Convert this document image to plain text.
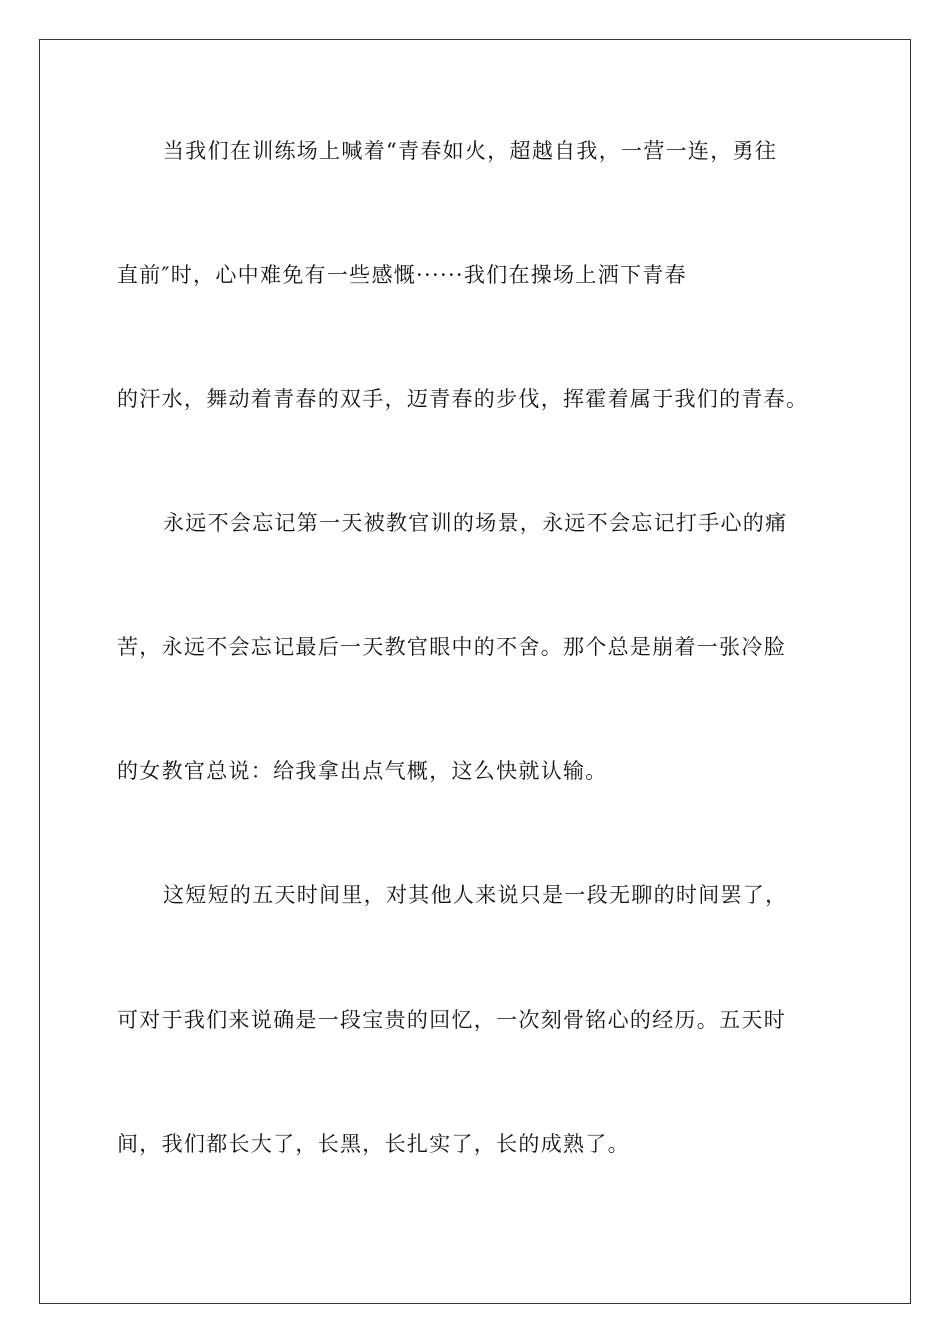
当我们在训练场上喊着“青春如火，超越自我，一营一连，勇往
直前″时，心中难免有一些感慨······我们在操场上洒下青春
的汗水，舞动着青春的双手，迈青春的步伐，挥霍着属于我们的青春。
永远不会忘记第一天被教官训的场景，永远不会忘记打手心的痛
苦，永远不会忘记最后一天教官眼中的不舍。那个总是崩着一张冷脸
的女教官总说：给我拿出点气概，这么快就认输。
这短短的五天时间里，对其他人来说只是一段无聊的时间罢了，
可对于我们来说确是一段宝贵的回忆，一次刻骨铭心的经历。五天时
间，我们都长大了，长黑，长扎实了，长的成熟了。
